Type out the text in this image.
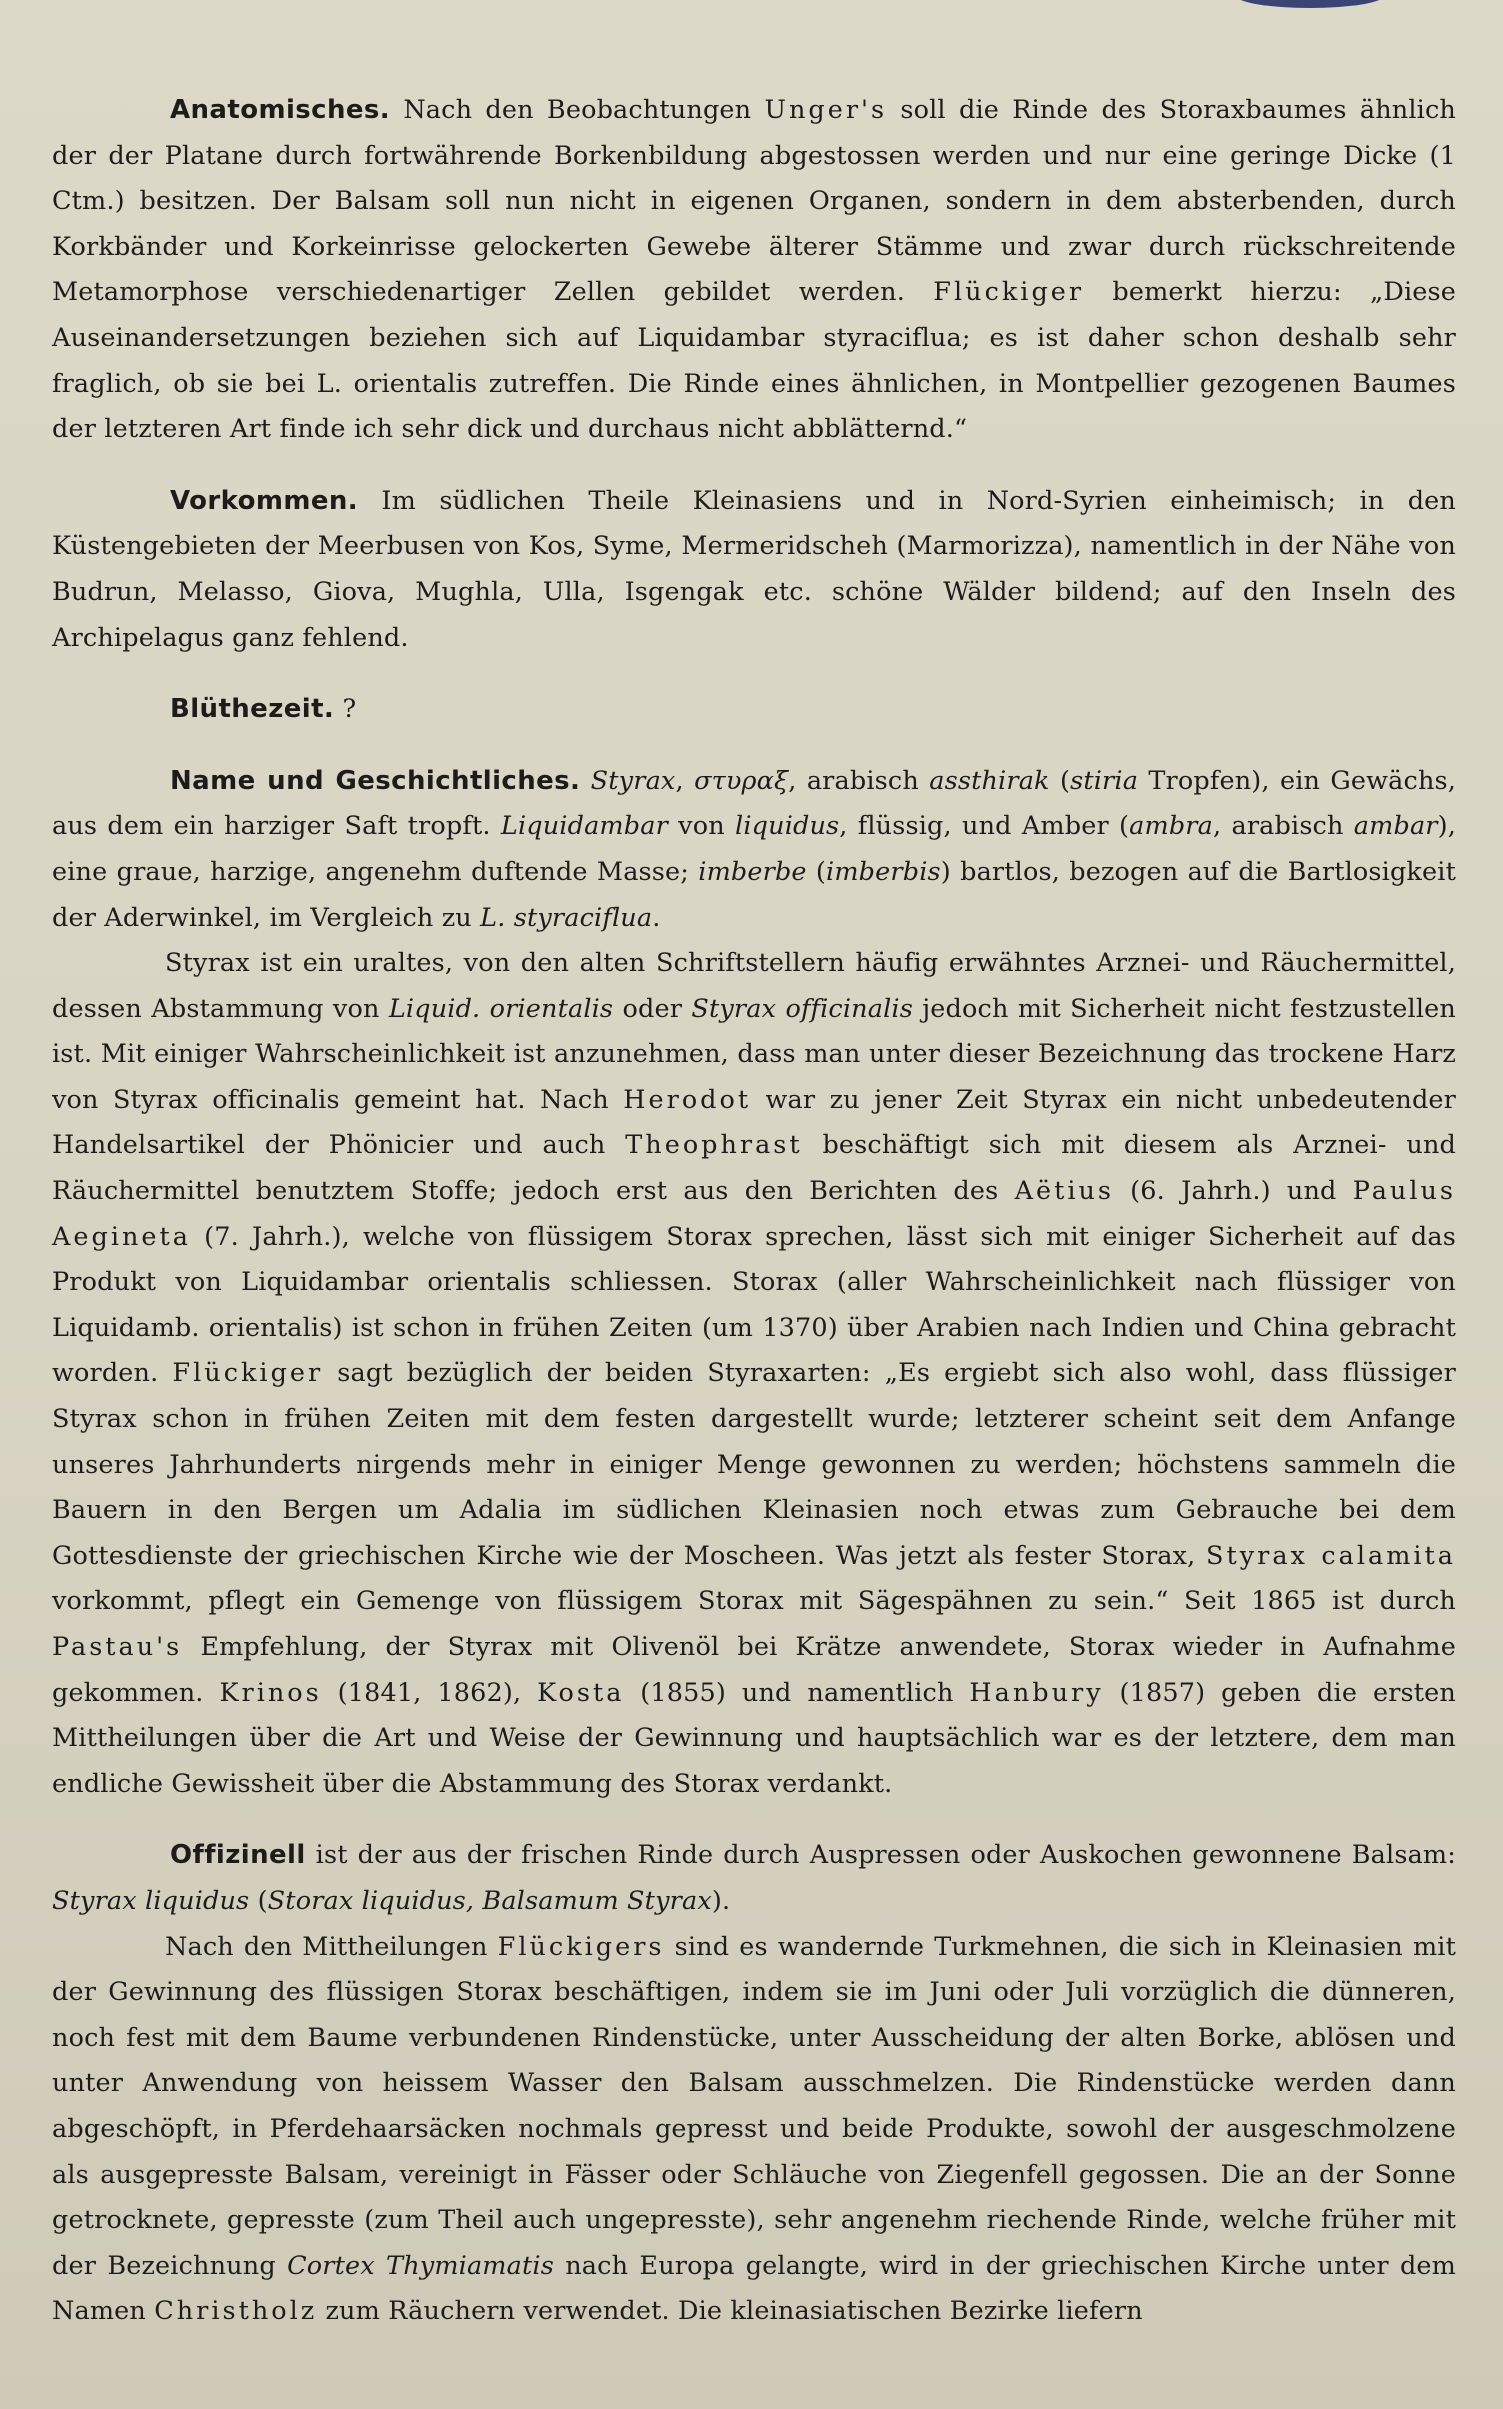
Anatomisches. Nach den Beobachtungen Unger's soll die Rinde des Storaxbaumes ähnlich der der Platane durch fortwährende Borkenbildung abgestossen werden und nur eine geringe Dicke (1 Ctm.) besitzen. Der Balsam soll nun nicht in eigenen Organen, sondern in dem absterbenden, durch Korkbänder und Korkeinrisse gelockerten Gewebe älterer Stämme und zwar durch rückschreitende Metamorphose verschiedenartiger Zellen gebildet werden. Flückiger bemerkt hierzu: „Diese Auseinandersetzungen beziehen sich auf Liquidambar styraciflua; es ist daher schon deshalb sehr fraglich, ob sie bei L. orientalis zutreffen. Die Rinde eines ähnlichen, in Montpellier gezogenen Baumes der letzteren Art finde ich sehr dick und durchaus nicht abblätternd.“

Vorkommen. Im südlichen Theile Kleinasiens und in Nord-Syrien einheimisch; in den Küstengebieten der Meerbusen von Kos, Syme, Mermeridscheh (Marmorizza), namentlich in der Nähe von Budrun, Melasso, Giova, Mughla, Ulla, Isgengak etc. schöne Wälder bildend; auf den Inseln des Archipelagus ganz fehlend.

Blüthezeit. ?

Name und Geschichtliches. Styrax, στυραξ, arabisch assthirak (stiria Tropfen), ein Gewächs, aus dem ein harziger Saft tropft. Liquidambar von liquidus, flüssig, und Amber (ambra, arabisch ambar), eine graue, harzige, angenehm duftende Masse; imberbe (imberbis) bartlos, bezogen auf die Bartlosigkeit der Aderwinkel, im Vergleich zu L. styraciflua.

Styrax ist ein uraltes, von den alten Schriftstellern häufig erwähntes Arznei- und Räuchermittel, dessen Abstammung von Liquid. orientalis oder Styrax officinalis jedoch mit Sicherheit nicht festzustellen ist. Mit einiger Wahrscheinlichkeit ist anzunehmen, dass man unter dieser Bezeichnung das trockene Harz von Styrax officinalis gemeint hat. Nach Herodot war zu jener Zeit Styrax ein nicht unbedeutender Handelsartikel der Phönicier und auch Theophrast beschäftigt sich mit diesem als Arznei- und Räuchermittel benutztem Stoffe; jedoch erst aus den Berichten des Aëtius (6. Jahrh.) und Paulus Aegineta (7. Jahrh.), welche von flüssigem Storax sprechen, lässt sich mit einiger Sicherheit auf das Produkt von Liquidambar orientalis schliessen. Storax (aller Wahrscheinlichkeit nach flüssiger von Liquidamb. orientalis) ist schon in frühen Zeiten (um 1370) über Arabien nach Indien und China gebracht worden. Flückiger sagt bezüglich der beiden Styraxarten: „Es ergiebt sich also wohl, dass flüssiger Styrax schon in frühen Zeiten mit dem festen dargestellt wurde; letzterer scheint seit dem Anfange unseres Jahrhunderts nirgends mehr in einiger Menge gewonnen zu werden; höchstens sammeln die Bauern in den Bergen um Adalia im südlichen Kleinasien noch etwas zum Gebrauche bei dem Gottesdienste der griechischen Kirche wie der Moscheen. Was jetzt als fester Storax, Styrax calamita vorkommt, pflegt ein Gemenge von flüssigem Storax mit Sägespähnen zu sein.“ Seit 1865 ist durch Pastau's Empfehlung, der Styrax mit Olivenöl bei Krätze anwendete, Storax wieder in Aufnahme gekommen. Krinos (1841, 1862), Kosta (1855) und namentlich Hanbury (1857) geben die ersten Mittheilungen über die Art und Weise der Gewinnung und hauptsächlich war es der letztere, dem man endliche Gewissheit über die Abstammung des Storax verdankt.

Offizinell ist der aus der frischen Rinde durch Auspressen oder Auskochen gewonnene Balsam: Styrax liquidus (Storax liquidus, Balsamum Styrax).

Nach den Mittheilungen Flückigers sind es wandernde Turkmehnen, die sich in Kleinasien mit der Gewinnung des flüssigen Storax beschäftigen, indem sie im Juni oder Juli vorzüglich die dünneren, noch fest mit dem Baume verbundenen Rindenstücke, unter Ausscheidung der alten Borke, ablösen und unter Anwendung von heissem Wasser den Balsam ausschmelzen. Die Rindenstücke werden dann abgeschöpft, in Pferdehaarsäcken nochmals gepresst und beide Produkte, sowohl der ausgeschmolzene als ausgepresste Balsam, vereinigt in Fässer oder Schläuche von Ziegenfell gegossen. Die an der Sonne getrocknete, gepresste (zum Theil auch ungepresste), sehr angenehm riechende Rinde, welche früher mit der Bezeichnung Cortex Thymiamatis nach Europa gelangte, wird in der griechischen Kirche unter dem Namen Christholz zum Räuchern verwendet. Die kleinasiatischen Bezirke liefern
